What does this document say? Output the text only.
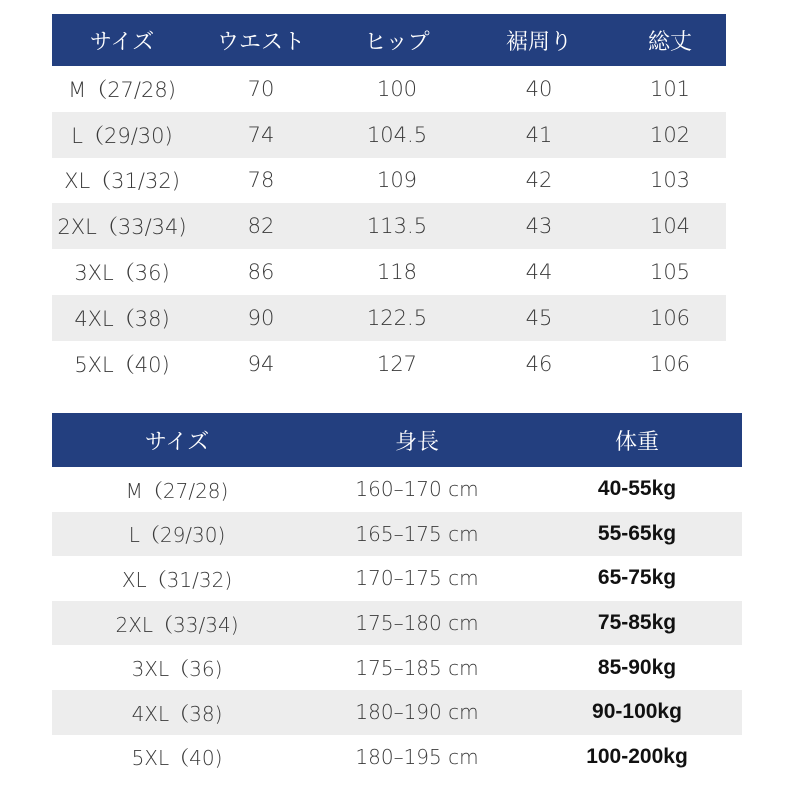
サイズ	ウエスト	ヒップ	裾周り	総丈
M（27/28)	70	100	40	101
L（29/30)	74	104.5	41	102
XL（31/32)	78	109	42	103
2XL（33/34)	82	113.5	43	104
3XL（36)	86	118	44	105
4XL（38)	90	122.5	45	106
5XL（40)	94	127	46	106
サイズ	身長	体重
M（27/28)	160–170 cm	40-55kg
L（29/30)	165–175 cm	55-65kg
XL（31/32)	170–175 cm	65-75kg
2XL（33/34)	175–180 cm	75-85kg
3XL（36)	175–185 cm	85-90kg
4XL（38)	180–190 cm	90-100kg
5XL（40)	180–195 cm	100-200kg
